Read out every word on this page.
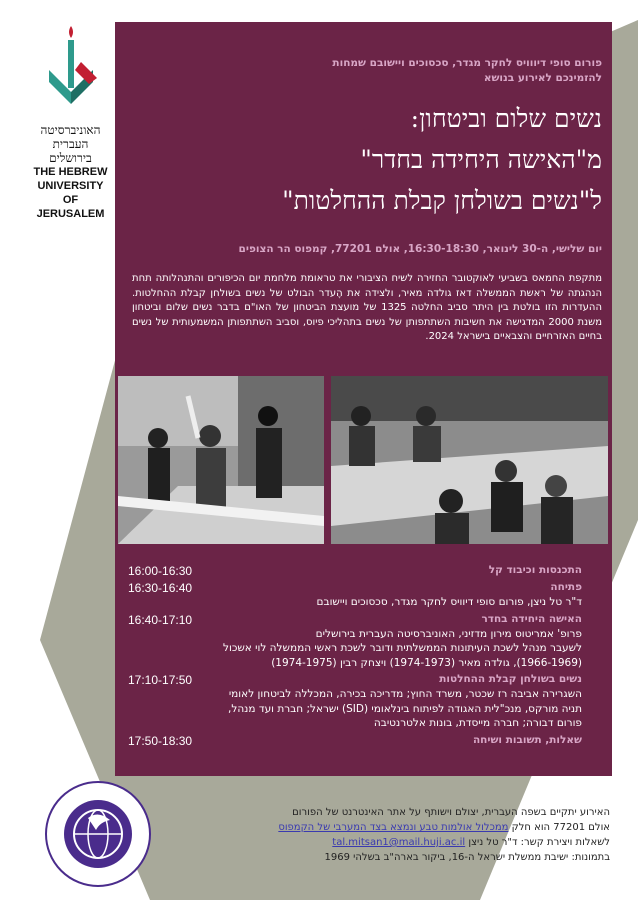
האוניברסיטה
העברית
בירושלים
THE HEBREW
UNIVERSITY
OF JERUSALEM
פורום סופי דיווויס לחקר מגדר, סכסוכים ויישובם שמחות
להזמינכם לאירוע בנושא
נשים שלום וביטחון:
מ"האישה היחידה בחדר"
ל"נשים בשולחן קבלת ההחלטות"
יום שלישי, ה-30 לינואר, 16:30-18:30, אולם 77201, קמפוס הר הצופים
מתקפת החמאס בשביעי לאוקטובר החזירה לשיח הציבורי את טראומת מלחמת יום הכיפורים והתנהלותה תחת הנהגתה של ראשת הממשלה דאז גולדה מאיר, ולצידה את הֶעדר הבולט של נשים בשולחן קבלת ההחלטות. ההעדרות הזו בולטת בין היתר סביב החלטה 1325 של מועצת הביטחון של האו"ם בדבר נשים שלום וביטחון משנת 2000 המדגישה את חשיבות השתתפותן של נשים בתהליכי פיוס, וסביב השתתפותן המשמעותית של נשים בחיים האזרחיים והצבאיים בישראל 2024.
התכנסות וכיבוד קל
16:00-16:30
פתיחה
16:30-16:40
ד"ר טל ניצן, פורום סופי דיוויס לחקר מגדר, סכסוכים ויישובם
האישה היחידה בחדר
16:40-17:10
פרופ' אמריטוס מירון מדזיני, האוניברסיטה העברית בירושלים
לשעבר מנהל לשכת העיתונות הממשלתית ודובר לשכת ראשי הממשלה לוי אשכול
(1966-1969), גולדה מאיר (1974-1973) ויצחק רבין (1974-1975)
נשים בשולחן קבלת ההחלטות
17:10-17:50
השגרירה אביבה רז שכטר, משרד החוץ; מדריכה בכירה, המכללה לביטחון לאומי
תניה מורקס, מנכ"לית האגודה לפיתוח בינלאומי (SID) ישראל; חברת ועד מנהל,
פורום דבורה; חברה מייסדת, בונות אלטרנטיבה
שאלות, תשובות ושיחה
17:50-18:30
האירוע יתקיים בשפה העברית, יצולם וישותף על אתר האינטרנט של הפורום
אולם 77201 הוא חלק ממכלול אולמות טבע ונמצא בצד המערבי של הקמפוס
לשאלות ויצירת קשר: ד"ר טל ניצן tal.mitsan1@mail.huji.ac.il
בתמונות: ישיבת ממשלת ישראל ה-16, ביקור בארה"ב בשלהי 1969
